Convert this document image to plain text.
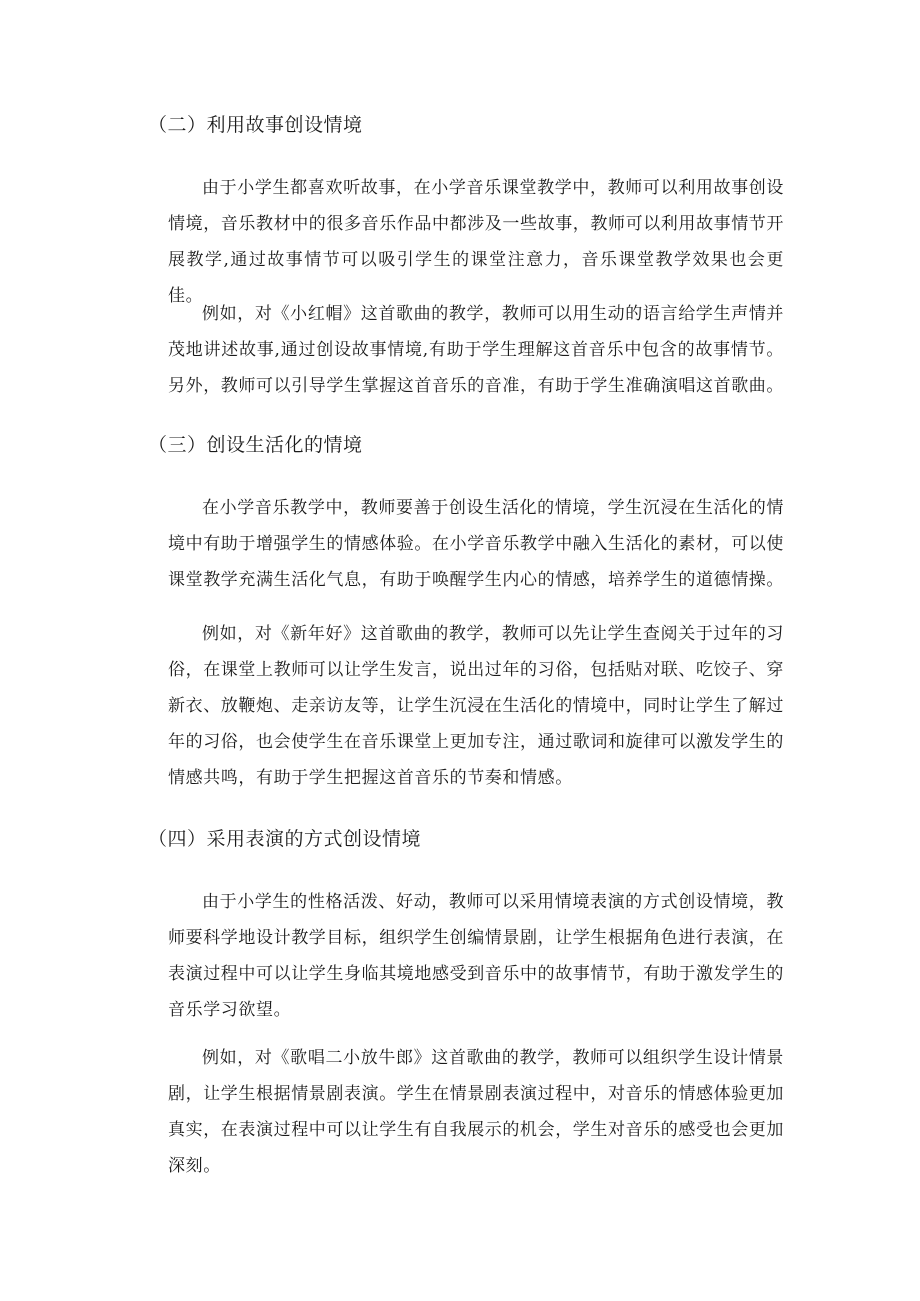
（二）利用故事创设情境

由于小学生都喜欢听故事，在小学音乐课堂教学中，教师可以利用故事创设情境，音乐教材中的很多音乐作品中都涉及一些故事，教师可以利用故事情节开展教学,通过故事情节可以吸引学生的课堂注意力，音乐课堂教学效果也会更佳。

例如，对《小红帽》这首歌曲的教学，教师可以用生动的语言给学生声情并茂地讲述故事,通过创设故事情境,有助于学生理解这首音乐中包含的故事情节。另外，教师可以引导学生掌握这首音乐的音准，有助于学生准确演唱这首歌曲。

（三）创设生活化的情境

在小学音乐教学中，教师要善于创设生活化的情境，学生沉浸在生活化的情境中有助于增强学生的情感体验。在小学音乐教学中融入生活化的素材，可以使课堂教学充满生活化气息，有助于唤醒学生内心的情感，培养学生的道德情操。

例如，对《新年好》这首歌曲的教学，教师可以先让学生查阅关于过年的习俗，在课堂上教师可以让学生发言，说出过年的习俗，包括贴对联、吃饺子、穿新衣、放鞭炮、走亲访友等，让学生沉浸在生活化的情境中，同时让学生了解过年的习俗，也会使学生在音乐课堂上更加专注，通过歌词和旋律可以激发学生的情感共鸣，有助于学生把握这首音乐的节奏和情感。

（四）采用表演的方式创设情境

由于小学生的性格活泼、好动，教师可以采用情境表演的方式创设情境，教师要科学地设计教学目标，组织学生创编情景剧，让学生根据角色进行表演，在表演过程中可以让学生身临其境地感受到音乐中的故事情节，有助于激发学生的音乐学习欲望。

例如，对《歌唱二小放牛郎》这首歌曲的教学，教师可以组织学生设计情景剧，让学生根据情景剧表演。学生在情景剧表演过程中，对音乐的情感体验更加真实，在表演过程中可以让学生有自我展示的机会，学生对音乐的感受也会更加深刻。
